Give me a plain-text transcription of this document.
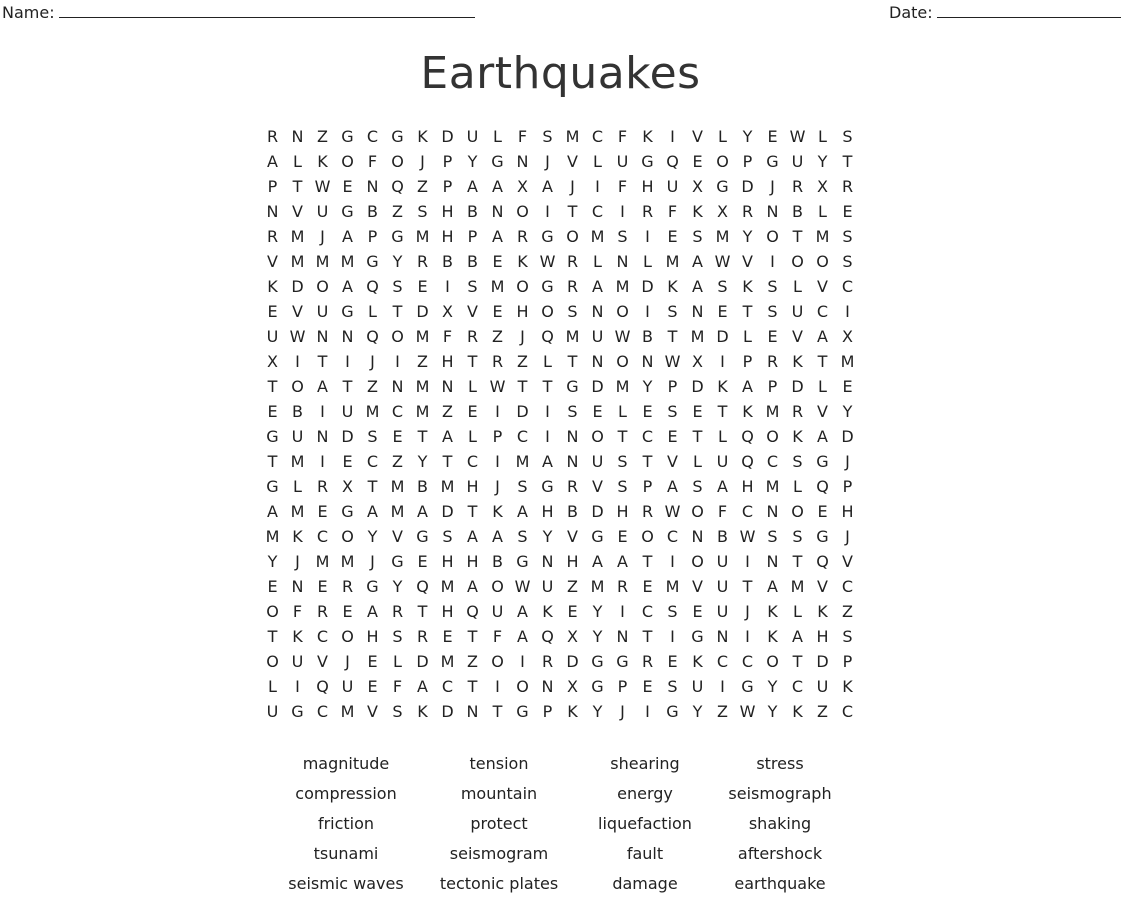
Name:	Date:
Earthquakes
R N Z G C G K D U L F S M C F K	I	V L Y E W L S
A L K O F O	J	P Y G N	J	V L U G Q E O P G U Y T
P T W E N Q Z P A A X A	J	I	F H U X G D	J	R X R
N V U G B Z S H B N O	I	T C	I	R F K X R N B L E
R M J	A P G M H P A R G O M S	I	E S M Y O T M S
V M M M G Y R B B E K W R L N L M A W V	I	O O S
K D O A Q S E	I	S M O G R A M D K A S K S L V C
E V U G L T D X V E H O S N O	I	S N E T S U C	I
U W N N Q O M F R Z	J	Q M U W B T M D L E V A X
X	I	T	I	J	I	Z H T R Z L T N O N W X	I	P R K T M
T O A T Z N M N L W T T G D M Y P D K A P D L E
E B	I	U M C M Z E	I	D	I	S E L E S E T K M R V Y
G U N D S E T A L P C	I	N O T C E T L Q O K A D
T M I	E C Z Y T C	I M A N U S T V L U Q C S G	J
G L R X T M B M H	J	S G R V S P A S A H M L Q P
A M E G A M A D T K A H B D H R W O F C N O E H
M K C O Y V G S A A S Y V G E O C N B W S S G	J
Y	J M M J	G E H H B G N H A A T	I	O U	I	N T Q V
E N E R G Y Q M A O W U Z M R E M V U T A M V C
O F R E A R T H Q U A K E Y	I	C S E U	J	K L K Z
T K C O H S R E T F A Q X Y N T	I	G N	I	K A H S
O U V	J	E L D M Z O	I	R D G G R E K C C O T D P
L	I	Q U E F A C T	I	O N X G P E S U	I	G Y C U K
U G C M V S K D N T G P K Y	J	I	G Y Z W Y K Z C
magnitude	tension	shearing	stress
compression	mountain	energy	seismograph
friction	protect	liquefaction	shaking
tsunami	seismogram	fault	aftershock
seismic waves	tectonic plates	damage	earthquake
